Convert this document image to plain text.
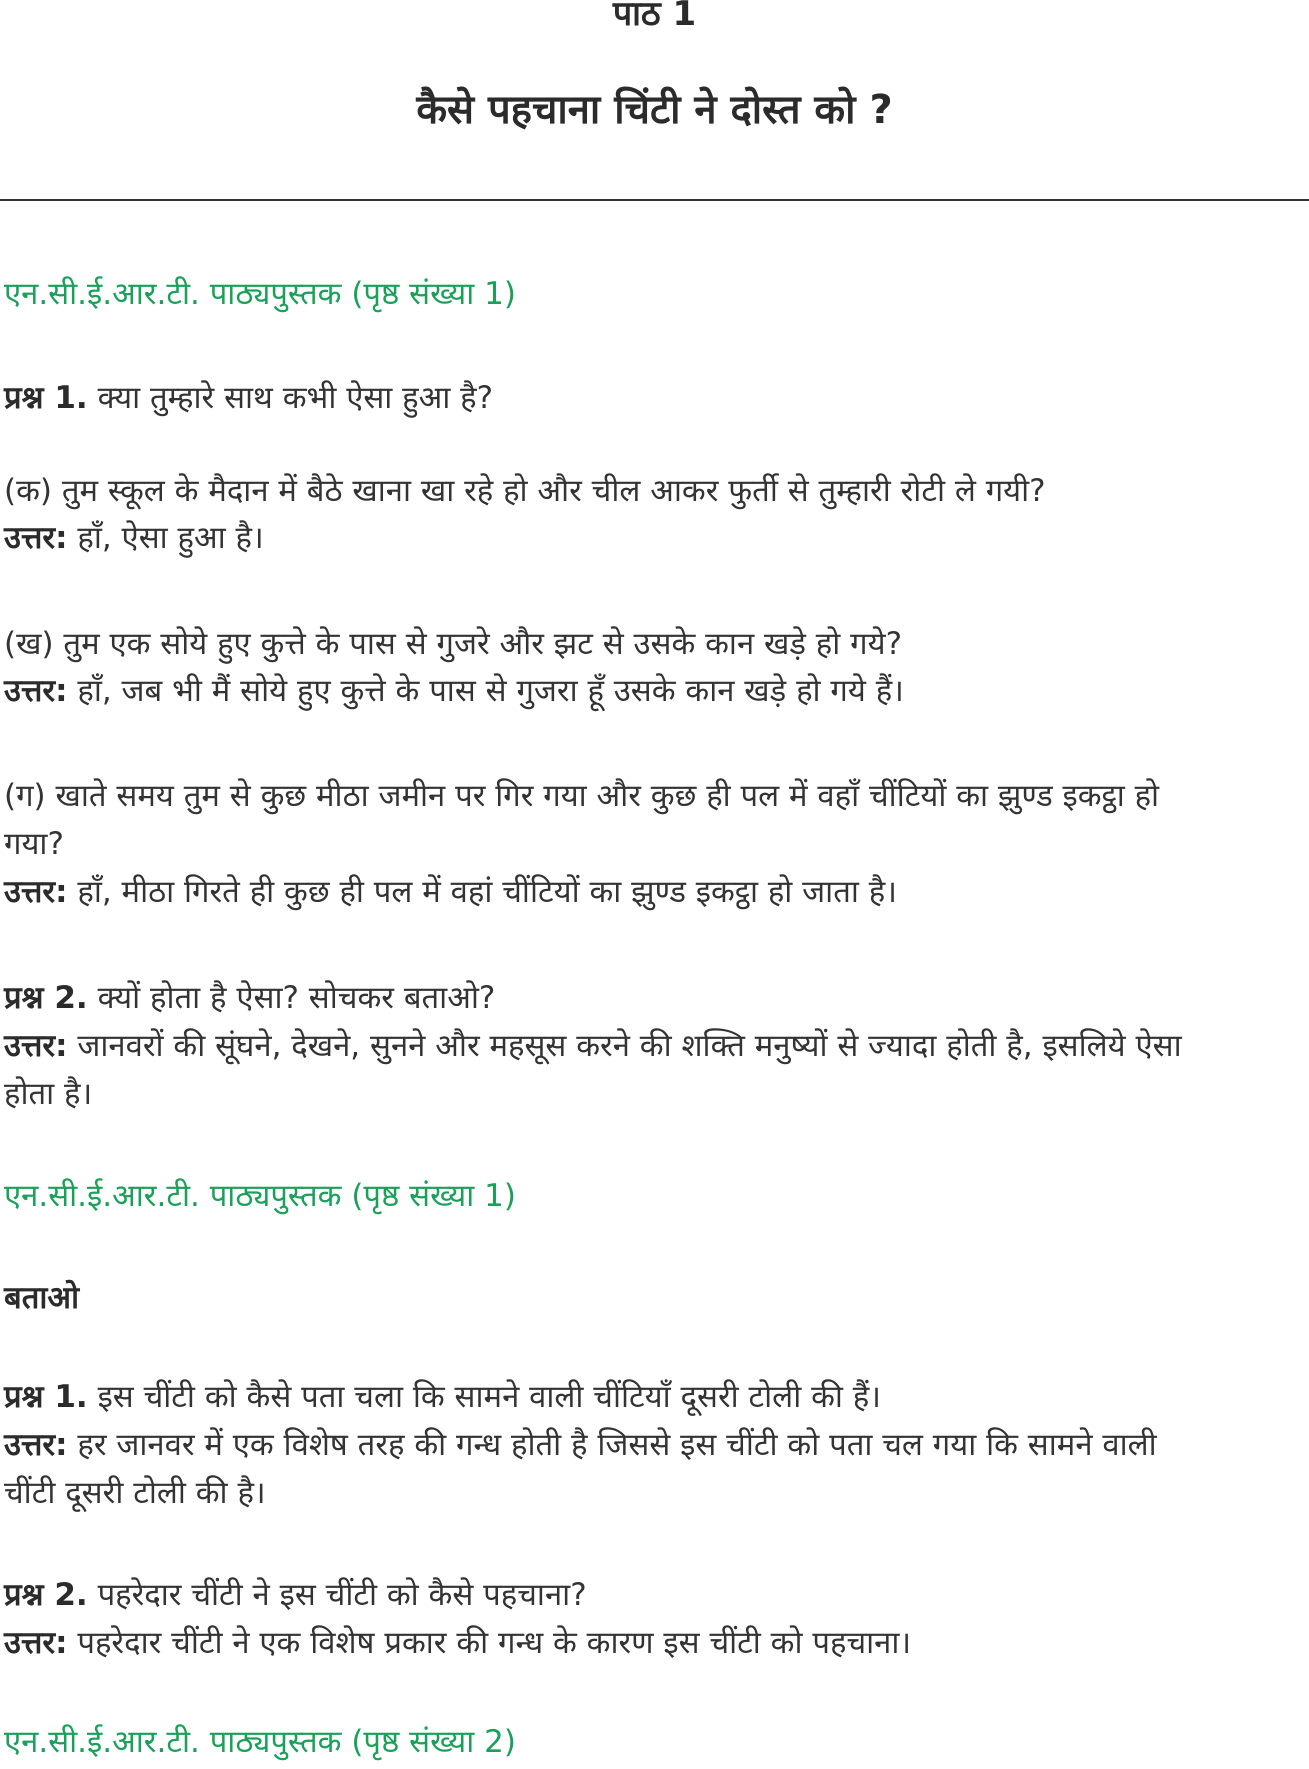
पाठ 1
कैसे पहचाना चिंटी ने दोस्त को ?
एन.सी.ई.आर.टी. पाठ्यपुस्तक (पृष्ठ संख्या 1)
प्रश्न 1. क्या तुम्हारे साथ कभी ऐसा हुआ है?
(क) तुम स्कूल के मैदान में बैठे खाना खा रहे हो और चील आकर फुर्ती से तुम्हारी रोटी ले गयी?
उत्तर: हाँ, ऐसा हुआ है।
(ख) तुम एक सोये हुए कुत्ते के पास से गुजरे और झट से उसके कान खड़े हो गये?
उत्तर: हाँ, जब भी मैं सोये हुए कुत्ते के पास से गुजरा हूँ उसके कान खड़े हो गये हैं।
(ग) खाते समय तुम से कुछ मीठा जमीन पर गिर गया और कुछ ही पल में वहाँ चींटियों का झुण्ड इकट्ठा हो
गया?
उत्तर: हाँ, मीठा गिरते ही कुछ ही पल में वहां चींटियों का झुण्ड इकट्ठा हो जाता है।
प्रश्न 2. क्यों होता है ऐसा? सोचकर बताओ?
उत्तर: जानवरों की सूंघने, देखने, सुनने और महसूस करने की शक्ति मनुष्यों से ज्यादा होती है, इसलिये ऐसा
होता है।
एन.सी.ई.आर.टी. पाठ्यपुस्तक (पृष्ठ संख्या 1)
बताओ
प्रश्न 1. इस चींटी को कैसे पता चला कि सामने वाली चींटियाँ दूसरी टोली की हैं।
उत्तर: हर जानवर में एक विशेष तरह की गन्ध होती है जिससे इस चींटी को पता चल गया कि सामने वाली
चींटी दूसरी टोली की है।
प्रश्न 2. पहरेदार चींटी ने इस चींटी को कैसे पहचाना?
उत्तर: पहरेदार चींटी ने एक विशेष प्रकार की गन्ध के कारण इस चींटी को पहचाना।
एन.सी.ई.आर.टी. पाठ्यपुस्तक (पृष्ठ संख्या 2)
